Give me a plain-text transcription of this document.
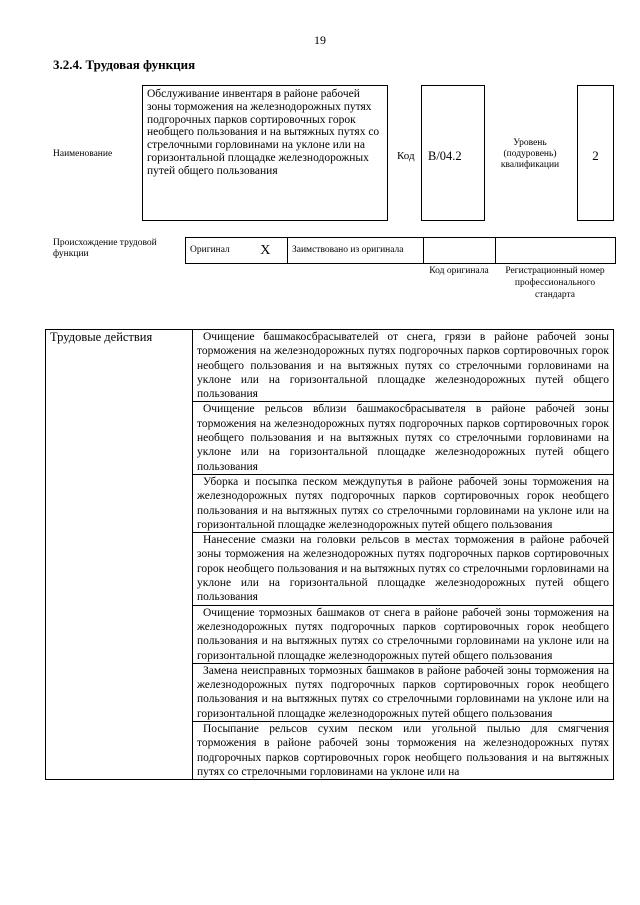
19
3.2.4. Трудовая функция
Наименование
Обслуживание инвентаря в районе рабочей зоны торможения на железнодорожных путях подгорочных парков сортировочных горок необщего пользования и на вытяжных путях со стрелочными горловинами на уклоне или на горизонтальной площадке железнодорожных путей общего пользования
Код	В/04.2
Уровень (подуровень) квалификации
2
Происхождение трудовой функции	Оригинал	X	Заимствовано из оригинала		
Код оригинала	Регистрационный номер профессионального стандарта
Трудовые действия	Очищение башмакосбрасывателей от снега, грязи в районе рабочей зоны торможения на железнодорожных путях подгорочных парков сортировочных горок необщего пользования и на вытяжных путях со стрелочными горловинами на уклоне или на горизонтальной площадке железнодорожных путей общего пользования
Очищение рельсов вблизи башмакосбрасывателя в районе рабочей зоны торможения на железнодорожных путях подгорочных парков сортировочных горок необщего пользования и на вытяжных путях со стрелочными горловинами на уклоне или на горизонтальной площадке железнодорожных путей общего пользования
Уборка и посыпка песком междупутья в районе рабочей зоны торможения на железнодорожных путях подгорочных парков сортировочных горок необщего пользования и на вытяжных путях со стрелочными горловинами на уклоне или на горизонтальной площадке железнодорожных путей общего пользования
Нанесение смазки на головки рельсов в местах торможения в районе рабочей зоны торможения на железнодорожных путях подгорочных парков сортировочных горок необщего пользования и на вытяжных путях со стрелочными горловинами на уклоне или на горизонтальной площадке железнодорожных путей общего пользования
Очищение тормозных башмаков от снега в районе рабочей зоны торможения на железнодорожных путях подгорочных парков сортировочных горок необщего пользования и на вытяжных путях со стрелочными горловинами на уклоне или на горизонтальной площадке железнодорожных путей общего пользования
Замена неисправных тормозных башмаков в районе рабочей зоны торможения на железнодорожных путях подгорочных парков сортировочных горок необщего пользования и на вытяжных путях со стрелочными горловинами на уклоне или на горизонтальной площадке железнодорожных путей общего пользования
Посыпание рельсов сухим песком или угольной пылью для смягчения торможения в районе рабочей зоны торможения на железнодорожных путях подгорочных парков сортировочных горок необщего пользования и на вытяжных путях со стрелочными горловинами на уклоне или на
